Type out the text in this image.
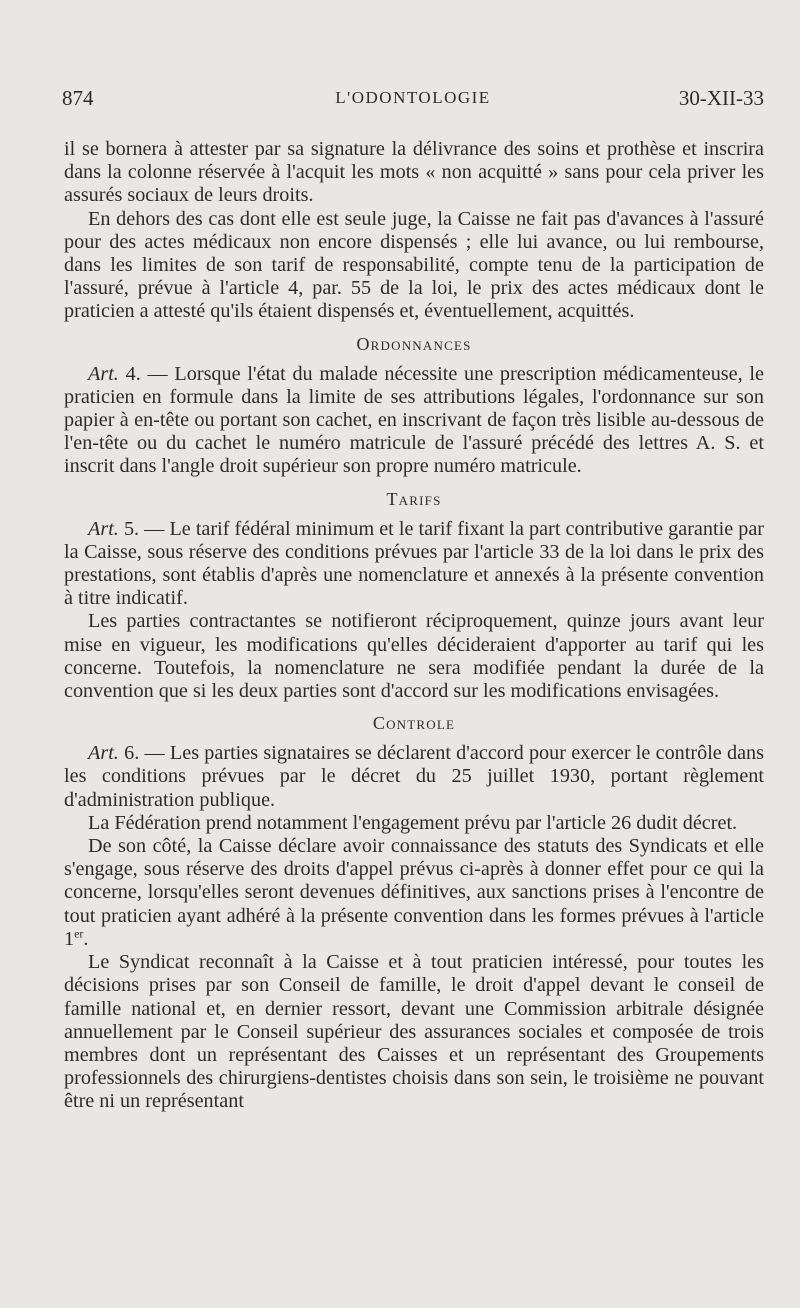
874	L'ODONTOLOGIE	30-XII-33

il se bornera à attester par sa signature la délivrance des soins et prothèse et inscrira dans la colonne réservée à l'acquit les mots « non acquitté » sans pour cela priver les assurés sociaux de leurs droits.

En dehors des cas dont elle est seule juge, la Caisse ne fait pas d'avances à l'assuré pour des actes médicaux non encore dispensés ; elle lui avance, ou lui rembourse, dans les limites de son tarif de responsabilité, compte tenu de la participation de l'assuré, prévue à l'article 4, par. 55 de la loi, le prix des actes médicaux dont le praticien a attesté qu'ils étaient dispensés et, éventuellement, acquittés.

Ordonnances

Art. 4. — Lorsque l'état du malade nécessite une prescription médicamenteuse, le praticien en formule dans la limite de ses attributions légales, l'ordonnance sur son papier à en-tête ou portant son cachet, en inscrivant de façon très lisible au-dessous de l'en-tête ou du cachet le numéro matricule de l'assuré précédé des lettres A. S. et inscrit dans l'angle droit supérieur son propre numéro matricule.

Tarifs

Art. 5. — Le tarif fédéral minimum et le tarif fixant la part contributive garantie par la Caisse, sous réserve des conditions prévues par l'article 33 de la loi dans le prix des prestations, sont établis d'après une nomenclature et annexés à la présente convention à titre indicatif.

Les parties contractantes se notifieront réciproquement, quinze jours avant leur mise en vigueur, les modifications qu'elles décideraient d'apporter au tarif qui les concerne. Toutefois, la nomenclature ne sera modifiée pendant la durée de la convention que si les deux parties sont d'accord sur les modifications envisagées.

Controle

Art. 6. — Les parties signataires se déclarent d'accord pour exercer le contrôle dans les conditions prévues par le décret du 25 juillet 1930, portant règlement d'administration publique.

La Fédération prend notamment l'engagement prévu par l'article 26 dudit décret.

De son côté, la Caisse déclare avoir connaissance des statuts des Syndicats et elle s'engage, sous réserve des droits d'appel prévus ci-après à donner effet pour ce qui la concerne, lorsqu'elles seront devenues définitives, aux sanctions prises à l'encontre de tout praticien ayant adhéré à la présente convention dans les formes prévues à l'article 1er.

Le Syndicat reconnaît à la Caisse et à tout praticien intéressé, pour toutes les décisions prises par son Conseil de famille, le droit d'appel devant le conseil de famille national et, en dernier ressort, devant une Commission arbitrale désignée annuellement par le Conseil supérieur des assurances sociales et composée de trois membres dont un représentant des Caisses et un représentant des Groupements professionnels des chirurgiens-dentistes choisis dans son sein, le troisième ne pouvant être ni un représentant
